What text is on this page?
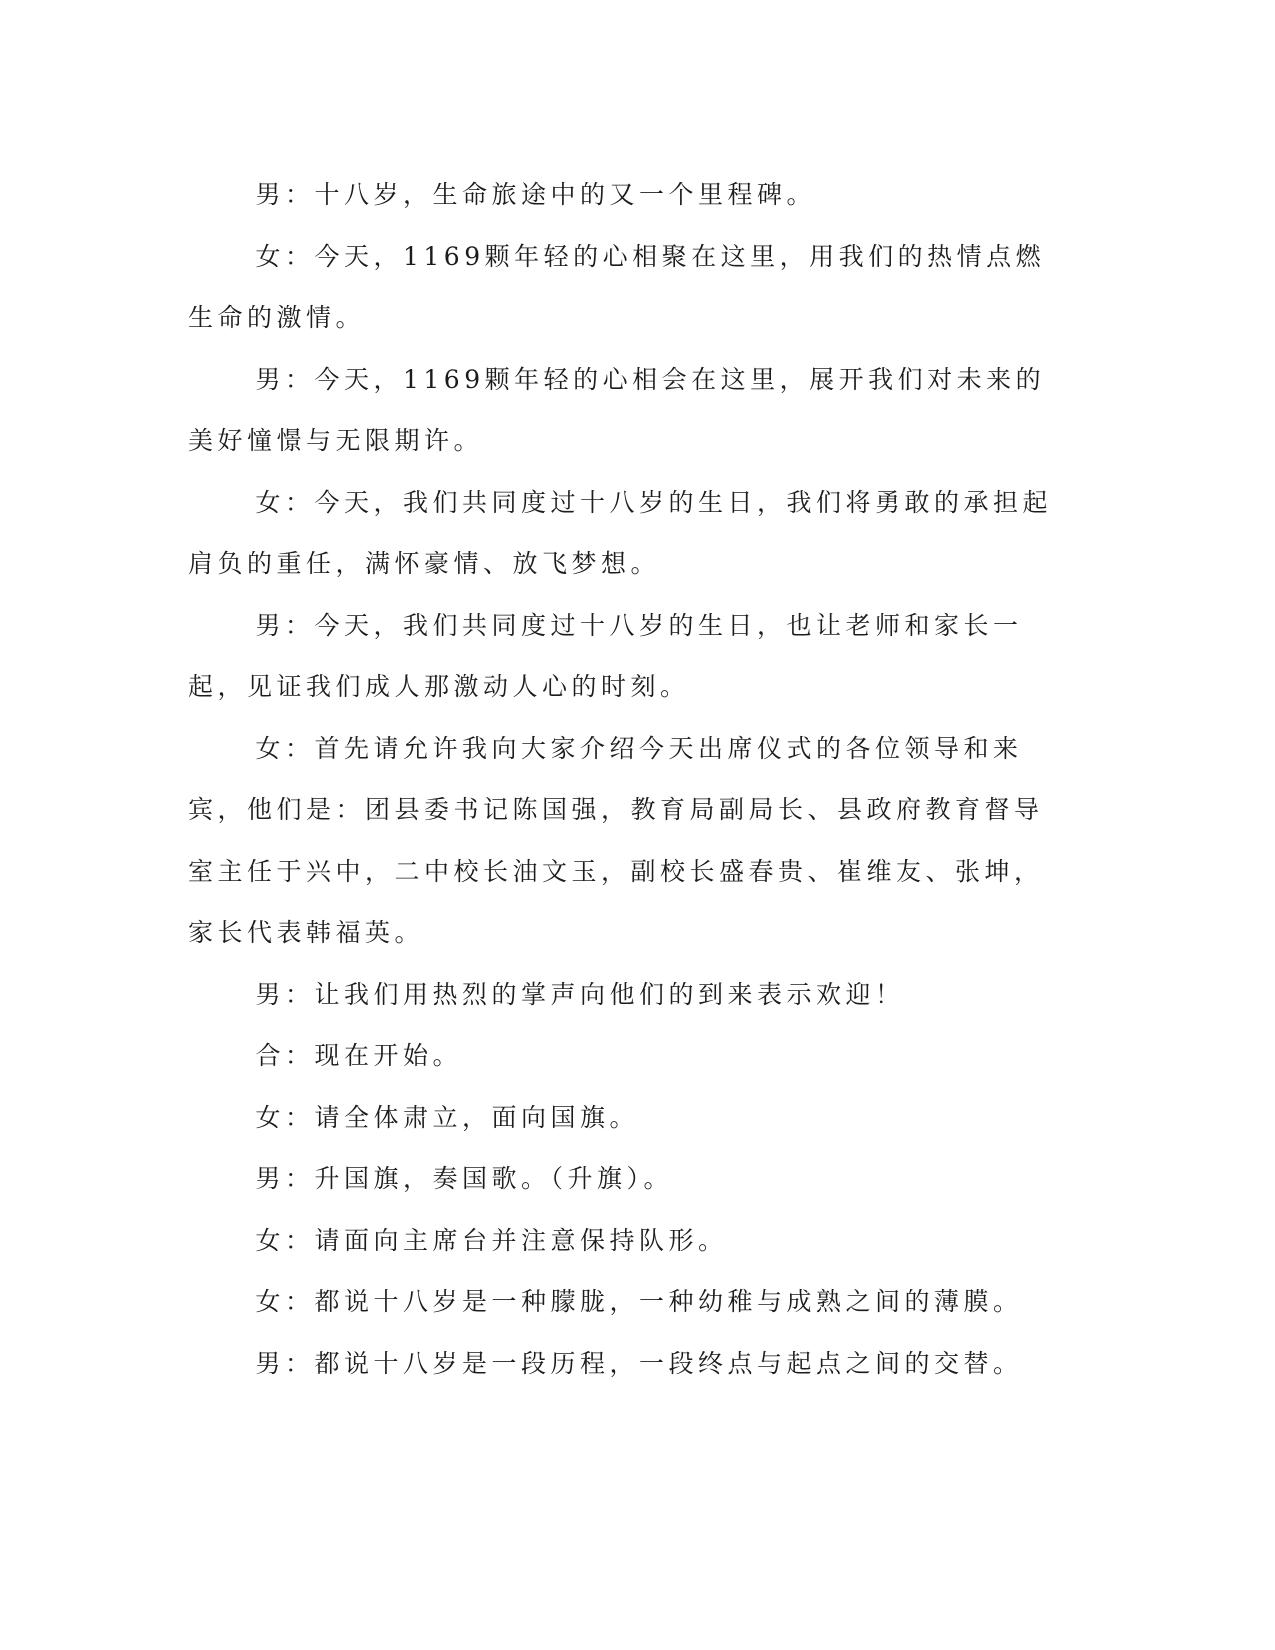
男：十八岁，生命旅途中的又一个里程碑。

女：今天，1169颗年轻的心相聚在这里，用我们的热情点燃生命的激情。

男：今天，1169颗年轻的心相会在这里，展开我们对未来的美好憧憬与无限期许。

女：今天，我们共同度过十八岁的生日，我们将勇敢的承担起肩负的重任，满怀豪情、放飞梦想。

男：今天，我们共同度过十八岁的生日，也让老师和家长一起，见证我们成人那激动人心的时刻。

女：首先请允许我向大家介绍今天出席仪式的各位领导和来宾，他们是：团县委书记陈国强，教育局副局长、县政府教育督导室主任于兴中，二中校长油文玉，副校长盛春贵、崔维友、张坤，家长代表韩福英。

男：让我们用热烈的掌声向他们的到来表示欢迎！

合：现在开始。

女：请全体肃立，面向国旗。

男：升国旗，奏国歌。（升旗）。

女：请面向主席台并注意保持队形。

女：都说十八岁是一种朦胧，一种幼稚与成熟之间的薄膜。

男：都说十八岁是一段历程，一段终点与起点之间的交替。
